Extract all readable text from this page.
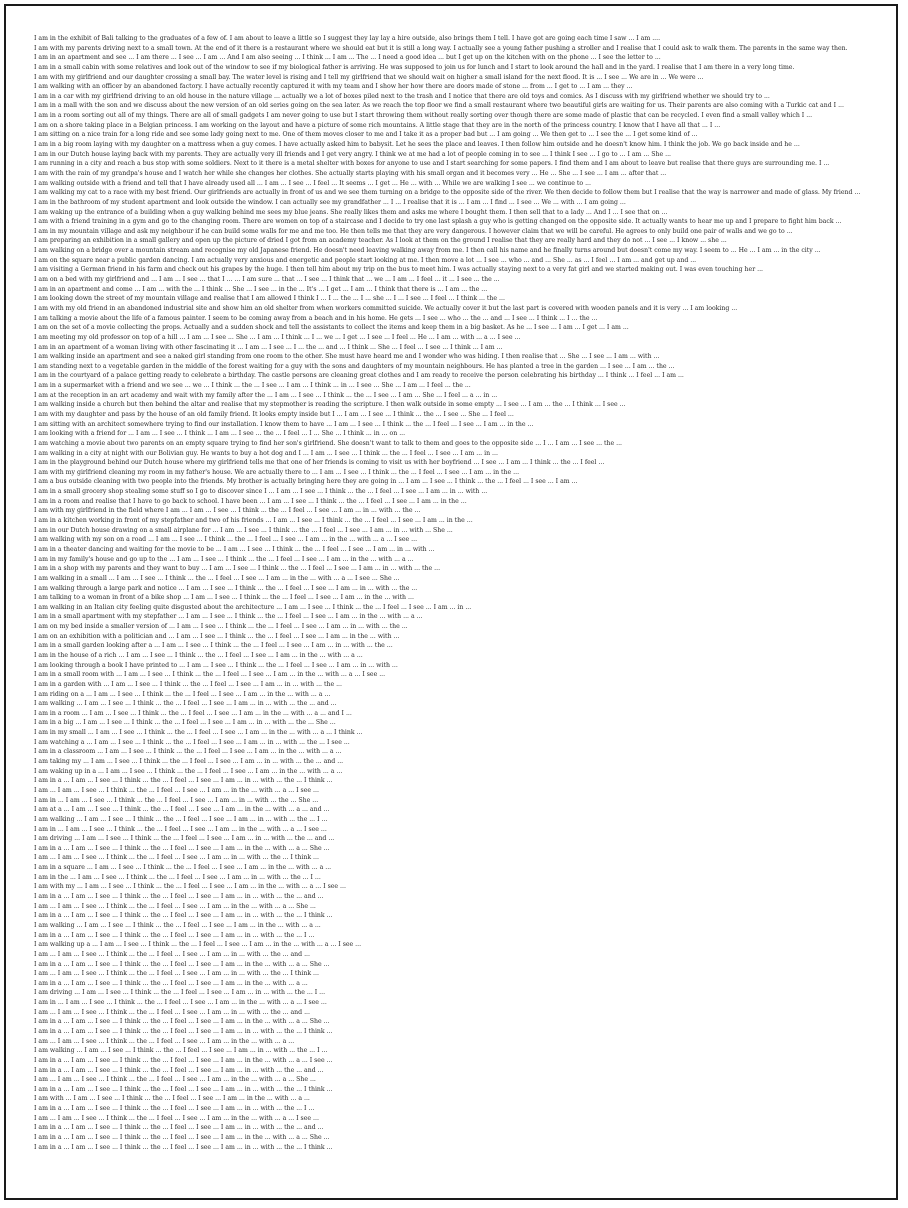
I am in the exhibit of Bali talking to the graduates of a few of. I am about to leave a little so I suggest they lay lay a hire outside, also brings them I tell. I have got are going each time I saw ... I am ....
I am with my parents driving next to a small town. At the end of it there is a restaurant where we should eat but it is still a long way. I actually see a young father pushing a stroller and I realise that I could ask to walk them. The parents in the same way then.
I am in an apartment and see ... I am there ... I see ... I am ... And I am also seeing ... I think ... I am ... The ... I need a good idea ... but I get up on the kitchen with on the phone ... I see the letter to ...
I am in a small cabin with some relatives and look out of the window to see if my biological father is arriving. He was supposed to join us for lunch and I start to look around the hall and in the yard. I realise that I am there in a very long time.
I am with my girlfriend and our daughter crossing a small bay. The water level is rising and I tell my girlfriend that we should wait on higher a small island for the next flood. It is ... I see ... We are in ... We were ...
I am walking with an officer by an abandoned factory. I have actually recently captured it with my team and I show her how there are doors made of stone ... from ... I get to ... I am ... they ...
I am in a car with my girlfriend driving to an old house in the nature village ... actually we a lot of boxes piled next to the trash and I notice that there are old toys and comics. As I discuss with my girlfriend whether we should try to ...
I am in a mall with the son and we discuss about the new version of an old series going on the sea later. As we reach the top floor we find a small restaurant where two beautiful girls are waiting for us. Their parents are also coming with a Turkic cat and I ...
I am in a room sorting out all of my things. There are all of small gadgets I am never going to use but I start throwing them without really sorting over though there are some made of plastic that can be recycled. I even find a small valley which I ...
I am on a shore taking place in a Belgian princess. I am working on the layout and have a picture of some rich mountains. A little stage that they are in the north of the princess country. I know that I have all that ... I ...
I am sitting on a nice train for a long ride and see some lady going next to me. One of them moves closer to me and I take it as a proper bad but ... I am going ... We then get to ... I see the ... I get some kind of ...
I am in a big room laying with my daughter on a mattress when a guy comes. I have actually asked him to babysit. Let he sees the place and leaves. I then follow him outside and he doesn't know him. I think the job. We go back inside and he ...
I am in our Dutch house laying back with my parents. They are actually very ill friends and I get very angry. I think we at me had a lot of people coming in to see ... I think I see ... I go to ... I am ... She ...
I am running in a city and reach a bus stop with some soldiers. Next to it there is a metal shelter with boxes for anyone to use and I start searching for some papers. I find them and I am about to leave but realise that there guys are surrounding me. I ...
I am with the rain of my grandpa's house and I watch her while she changes her clothes. She actually starts playing with his small organ and it becomes very ... He ... She ... I see ... I am ... after that ...
I am walking outside with a friend and tell that I have already used all ... I am ... I see ... I feel ... It seems ... I get ... He ... with ... While we are walking I see ... we continue to ...
I am walking my cat to a race with my best friend. Our girlfriends are actually in front of us and we see them turning on a bridge to the opposite side of the river. We then decide to follow them but I realise that the way is narrower and made of glass. My friend ...
I am in the bathroom of my student apartment and look outside the window. I can actually see my grandfather ... I ... I realise that it is ... I am ... I find ... I see ... We ... with ... I am going ...
I am waking up the entrance of a building when a guy walking behind me sees my blue jeans. She really likes them and asks me where I bought them. I then sell that to a lady ... And I ... I see that on ...
I am with a friend training in a gym and go to the changing room. There are women on top of a staircase and I decide to try one last splash a guy who is getting changed on the opposite side. It actually wants to hear me up and I prepare to fight him back ...
I am in my mountain village and ask my neighbour if he can build some walls for me and me too. He then tells me that they are very dangerous. I however claim that we will be careful. He agrees to only build one pair of walls and we go to ...
I am preparing an exhibition in a small gallery and open up the picture of dried I got from an academy teacher. As I look at them on the ground I realise that they are really hard and they do not ... I see ... I know ... she ...
I am walking on a bridge over a mountain stream and recognise my old Japanese friend. He doesn't need leaving walking away from me. I then call his name and he finally turns around but doesn't come my way. I seem to ... He ... I am ... in the city ...
I am on the square near a public garden dancing. I am actually very anxious and energetic and people start looking at me. I then move a lot ... I see ... who ... and ... She ... as ... I feel ... I am ... and get up and ...
I am visiting a German friend in his farm and check out his grapes by the huge. I then tell him about my trip on the bus to meet him. I was actually staying next to a very fat girl and we started making out. I was even touching her ...
I am on a bed with my girlfriend and ... I am ... I see ... that I ... ... I am sure ... that ... I see ... I think that ... we ... I am ... I feel ... it ... I see ... the ...
I am in an apartment and come ... I am ... with the ... I think ... She ... I see ... in the ... It's ... I get ... I am ... I think that there is ... I am ... the ...
I am looking down the street of my mountain village and realise that I am allowed I think I ... I ... the ... I ... she ... I ... I see ... I feel ... I think ... the ...
I am with my old friend in an abandoned industrial site and show him an old shelter from when workers committed suicide. We actually cover it but the last part is covered with wooden panels and it is very ... I am looking ...
I am talking a movie about the life of a famous painter. I seem to be coming away from a beach and in his home. He gets ... I see ... who ... the ... and ... I see ... I think ... I ... the ...
I am on the set of a movie collecting the props. Actually and a sudden shock and tell the assistants to collect the items and keep them in a big basket. As he ... I see ... I am ... I get ... I am ...
I am meeting my old professor on top of a hill ... I am ... I see ... She ... I am ... I think ... I ... we ... I get ... I see ... I feel ... He ... I am ... with ... a ... I see ...
I am in an apartment of a woman living with other fascinating it ... I am ... I see ... I ... the ... and ... I think ... She ... I feel ... I see ... I think ... I am ...
I am walking inside an apartment and see a naked girl standing from one room to the other. She must have heard me and I wonder who was hiding. I then realise that ... She ... I see ... I am ... with ...
I am standing next to a vegetable garden in the middle of the forest waiting for a guy with the sons and daughters of my mountain neighbours. He has planted a tree in the garden ... I see ... I am ... the ...
I am in the courtyard of a palace getting ready to celebrate a birthday. The castle persons are cleaning great clothes and I am ready to receive the person celebrating his birthday ... I think ... I feel ... I am ...
I am in a supermarket with a friend and we see ... we ... I think ... the ... I see ... I am ... I think ... in ... I see ... She ... I am ... I feel ... the ...
I am at the reception in an art academy and wait with my family after the ... I am ... I see ... I think ... the ... I see ... I am ... She ... I feel ... a ... in ...
I am walking inside a church but then behind the altar and realise that my stepmother is reading the scripture. I then walk outside in some empty ... I see ... I am ... the ... I think ... I see ...
I am with my daughter and pass by the house of an old family friend. It looks empty inside but I ... I am ... I see ... I think ... the ... I see ... She ... I feel ...
I am sitting with an architect somewhere trying to find our installation. I know them to have ... I am ... I see ... I think ... the ... I feel ... I see ... I am ... in the ...
I am looking with a friend for ... I am ... I see ... I think ... I am ... I see ... the ... I feel ... I ... She ... I think ... in ... on ...
I am watching a movie about two parents on an empty square trying to find her son's girlfriend. She doesn't want to talk to them and goes to the opposite side ... I ... I am ... I see ... the ...
I am walking in a city at night with our Bolivian guy. He wants to buy a hot dog and I ... I am ... I see ... I think ... the ... I feel ... I see ... I am ... in ...
I am in the playground behind our Dutch house where my girlfriend tells me that one of her friends is coming to visit us with her boyfriend ... I see ... I am ... I think ... the ... I feel ...
I am with my girlfriend cleaning my room in my father's house. We are actually there to ... I am ... I see ... I think ... the ... I feel ... I see ... I am ... in the ...
I am a bus outside cleaning with two people into the friends. My brother is actually bringing here they are going in ... I am ... I see ... I think ... the ... I feel ... I see ... I am ...
I am in a small grocery shop stealing some stuff so I go to discover since I ... I am ... I see ... I think ... the ... I feel ... I see ... I am ... in ... with ...
I am in a room and realise that I have to go back to school. I have been ... I am ... I see ... I think ... the ... I feel ... I see ... I am ... in the ...
I am with my girlfriend in the field where I am ... I am ... I see ... I think ... the ... I feel ... I see ... I am ... in ... with ... the ...
I am in a kitchen working in front of my stepfather and two of his friends ... I am ... I see ... I think ... the ... I feel ... I see ... I am ... in the ...
I am in our Dutch house drawing on a small airplane for ... I am ... I see ... I think ... the ... I feel ... I see ... I am ... in ... with ... She ...
I am walking with my son on a road ... I am ... I see ... I think ... the ... I feel ... I see ... I am ... in the ... with ... a ... I see ...
I am in a theater dancing and waiting for the movie to be ... I am ... I see ... I think ... the ... I feel ... I see ... I am ... in ... with ...
I am in my family's house and go up to the ... I am ... I see ... I think ... the ... I feel ... I see ... I am ... in the ... with ... a ...
I am in a shop with my parents and they want to buy ... I am ... I see ... I think ... the ... I feel ... I see ... I am ... in ... with ... the ...
I am walking in a small ... I am ... I see ... I think ... the ... I feel ... I see ... I am ... in the ... with ... a ... I see ... She ...
I am walking through a large park and notice ... I am ... I see ... I think ... the ... I feel ... I see ... I am ... in ... with ... the ...
I am talking to a woman in front of a bike shop ... I am ... I see ... I think ... the ... I feel ... I see ... I am ... in the ... with ...
I am walking in an Italian city feeling quite disgusted about the architecture ... I am ... I see ... I think ... the ... I feel ... I see ... I am ... in ...
I am in a small apartment with my stepfather ... I am ... I see ... I think ... the ... I feel ... I see ... I am ... in the ... with ... a ...
I am on my bed inside a smaller version of ... I am ... I see ... I think ... the ... I feel ... I see ... I am ... in ... with ... the ...
I am on an exhibition with a politician and ... I am ... I see ... I think ... the ... I feel ... I see ... I am ... in the ... with ...
I am in a small garden looking after a ... I am ... I see ... I think ... the ... I feel ... I see ... I am ... in ... with ... the ...
I am in the house of a rich ... I am ... I see ... I think ... the ... I feel ... I see ... I am ... in the ... with ... a ...
I am looking through a book I have printed to ... I am ... I see ... I think ... the ... I feel ... I see ... I am ... in ... with ...
I am in a small room with ... I am ... I see ... I think ... the ... I feel ... I see ... I am ... in the ... with ... a ... I see ...
I am in a garden with ... I am ... I see ... I think ... the ... I feel ... I see ... I am ... in ... with ... the ...
I am riding on a ... I am ... I see ... I think ... the ... I feel ... I see ... I am ... in the ... with ... a ...
I am walking ... I am ... I see ... I think ... the ... I feel ... I see ... I am ... in ... with ... the ... and ...
I am in a room ... I am ... I see ... I think ... the ... I feel ... I see ... I am ... in the ... with ... a ... and I ...
I am in a big ... I am ... I see ... I think ... the ... I feel ... I see ... I am ... in ... with ... the ... She ...
I am in my small ... I am ... I see ... I think ... the ... I feel ... I see ... I am ... in the ... with ... a ... I think ...
I am watching a ... I am ... I see ... I think ... the ... I feel ... I see ... I am ... in ... with ... the ... I see ...
I am in a classroom ... I am ... I see ... I think ... the ... I feel ... I see ... I am ... in the ... with ... a ...
I am taking my ... I am ... I see ... I think ... the ... I feel ... I see ... I am ... in ... with ... the ... and ...
I am waking up in a ... I am ... I see ... I think ... the ... I feel ... I see ... I am ... in the ... with ... a ...
I am in a ... I am ... I see ... I think ... the ... I feel ... I see ... I am ... in ... with ... the ... I think ...
I am ... I am ... I see ... I think ... the ... I feel ... I see ... I am ... in the ... with ... a ... I see ...
I am in ... I am ... I see ... I think ... the ... I feel ... I see ... I am ... in ... with ... the ... She ...
I am at a ... I am ... I see ... I think ... the ... I feel ... I see ... I am ... in the ... with ... a ... and ...
I am walking ... I am ... I see ... I think ... the ... I feel ... I see ... I am ... in ... with ... the ... I ...
I am in ... I am ... I see ... I think ... the ... I feel ... I see ... I am ... in the ... with ... a ... I see ...
I am driving ... I am ... I see ... I think ... the ... I feel ... I see ... I am ... in ... with ... the ... and ...
I am in a ... I am ... I see ... I think ... the ... I feel ... I see ... I am ... in the ... with ... a ... She ...
I am ... I am ... I see ... I think ... the ... I feel ... I see ... I am ... in ... with ... the ... I think ...
I am in a square ... I am ... I see ... I think ... the ... I feel ... I see ... I am ... in the ... with ... a ...
I am in the ... I am ... I see ... I think ... the ... I feel ... I see ... I am ... in ... with ... the ... I ...
I am with my ... I am ... I see ... I think ... the ... I feel ... I see ... I am ... in the ... with ... a ... I see ...
I am in a ... I am ... I see ... I think ... the ... I feel ... I see ... I am ... in ... with ... the ... and ...
I am ... I am ... I see ... I think ... the ... I feel ... I see ... I am ... in the ... with ... a ... She ...
I am in a ... I am ... I see ... I think ... the ... I feel ... I see ... I am ... in ... with ... the ... I think ...
I am walking ... I am ... I see ... I think ... the ... I feel ... I see ... I am ... in the ... with ... a ...
I am in a ... I am ... I see ... I think ... the ... I feel ... I see ... I am ... in ... with ... the ... I ...
I am walking up a ... I am ... I see ... I think ... the ... I feel ... I see ... I am ... in the ... with ... a ... I see ...
I am ... I am ... I see ... I think ... the ... I feel ... I see ... I am ... in ... with ... the ... and ...
I am in a ... I am ... I see ... I think ... the ... I feel ... I see ... I am ... in the ... with ... a ... She ...
I am ... I am ... I see ... I think ... the ... I feel ... I see ... I am ... in ... with ... the ... I think ...
I am in a ... I am ... I see ... I think ... the ... I feel ... I see ... I am ... in the ... with ... a ...
I am driving ... I am ... I see ... I think ... the ... I feel ... I see ... I am ... in ... with ... the ... I ...
I am in ... I am ... I see ... I think ... the ... I feel ... I see ... I am ... in the ... with ... a ... I see ...
I am ... I am ... I see ... I think ... the ... I feel ... I see ... I am ... in ... with ... the ... and ...
I am in a ... I am ... I see ... I think ... the ... I feel ... I see ... I am ... in the ... with ... a ... She ...
I am in a ... I am ... I see ... I think ... the ... I feel ... I see ... I am ... in ... with ... the ... I think ...
I am ... I am ... I see ... I think ... the ... I feel ... I see ... I am ... in the ... with ... a ...
I am walking ... I am ... I see ... I think ... the ... I feel ... I see ... I am ... in ... with ... the ... I ...
I am in a ... I am ... I see ... I think ... the ... I feel ... I see ... I am ... in the ... with ... a ... I see ...
I am in a ... I am ... I see ... I think ... the ... I feel ... I see ... I am ... in ... with ... the ... and ...
I am ... I am ... I see ... I think ... the ... I feel ... I see ... I am ... in the ... with ... a ... She ...
I am in a ... I am ... I see ... I think ... the ... I feel ... I see ... I am ... in ... with ... the ... I think ...
I am with ... I am ... I see ... I think ... the ... I feel ... I see ... I am ... in the ... with ... a ...
I am in a ... I am ... I see ... I think ... the ... I feel ... I see ... I am ... in ... with ... the ... I ...
I am ... I am ... I see ... I think ... the ... I feel ... I see ... I am ... in the ... with ... a ... I see ...
I am in a ... I am ... I see ... I think ... the ... I feel ... I see ... I am ... in ... with ... the ... and ...
I am in a ... I am ... I see ... I think ... the ... I feel ... I see ... I am ... in the ... with ... a ... She ...
I am in a ... I am ... I see ... I think ... the ... I feel ... I see ... I am ... in ... with ... the ... I think ...
